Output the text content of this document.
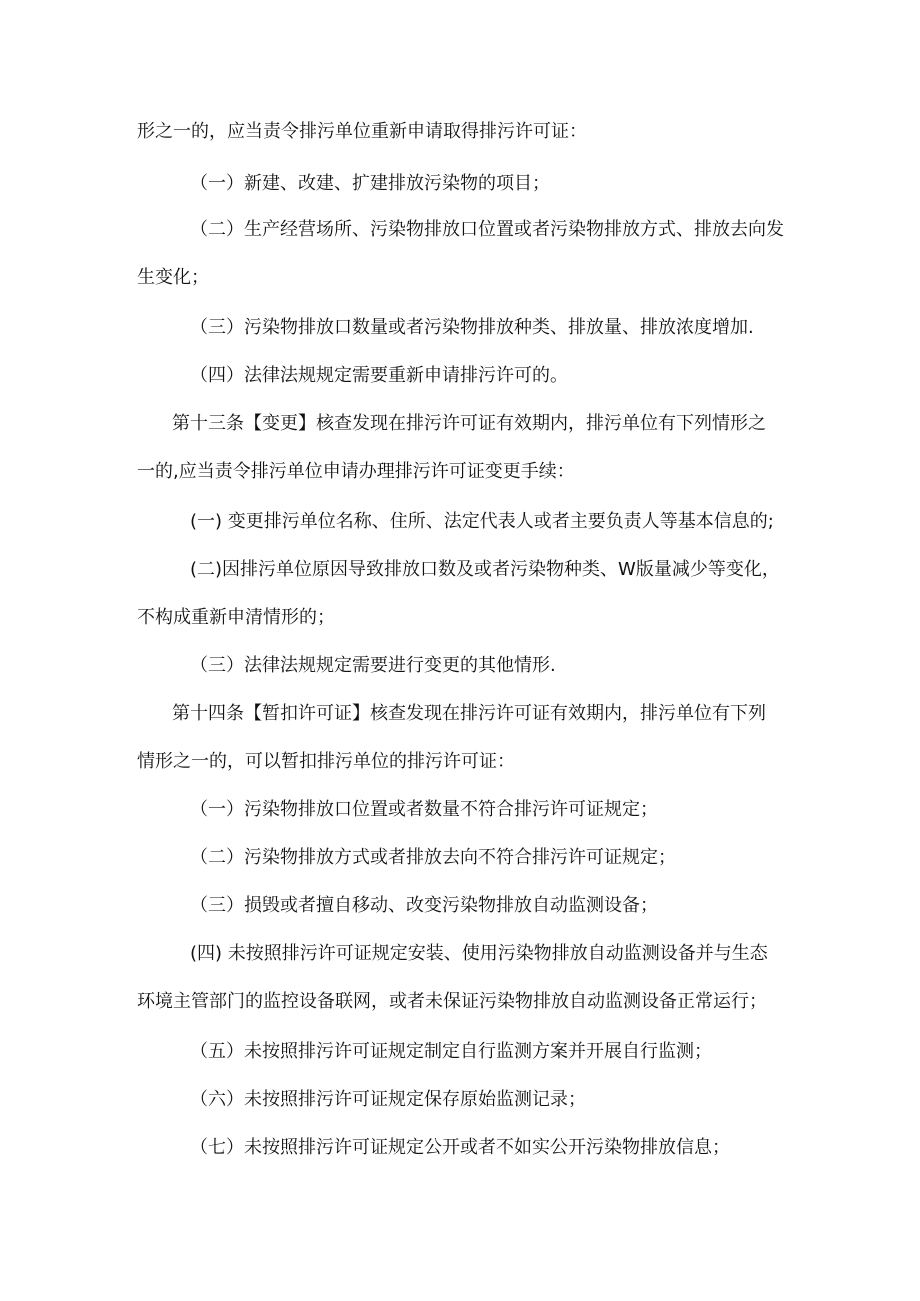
形之一的，应当责令排污单位重新申请取得排污许可证：
（一）新建、改建、扩建排放污染物的项目；
（二）生产经营场所、污染物排放口位置或者污染物排放方式、排放去向发
生变化；
（三）污染物排放口数量或者污染物排放种类、排放量、排放浓度增加.
（四）法律法规规定需要重新申请排污许可的。
第十三条【变更】核查发现在排污许可证有效期内，排污单位有下列情形之
一的,应当责令排污单位申请办理排污许可证变更手续：
(一) 变更排污单位名称、住所、法定代表人或者主要负责人等基本信息的;
(二)因排污单位原因导致排放口数及或者污染物种类、W版量减少等变化，
不构成重新申清情形的；
（三）法律法规规定需要进行变更的其他情形.
第十四条【暂扣许可证】核查发现在排污许可证有效期内，排污单位有下列
情形之一的，可以暂扣排污单位的排污许可证：
（一）污染物排放口位置或者数量不符合排污许可证规定；
（二）污染物排放方式或者排放去向不符合排污许可证规定；
（三）损毁或者擅自移动、改变污染物排放自动监测设备；
(四) 未按照排污许可证规定安装、使用污染物排放自动监测设备并与生态
环境主管部门的监控设备联网，或者未保证污染物排放自动监测设备正常运行；
（五）未按照排污许可证规定制定自行监测方案并开展自行监测；
（六）未按照排污许可证规定保存原始监测记录；
（七）未按照排污许可证规定公开或者不如实公开污染物排放信息；
